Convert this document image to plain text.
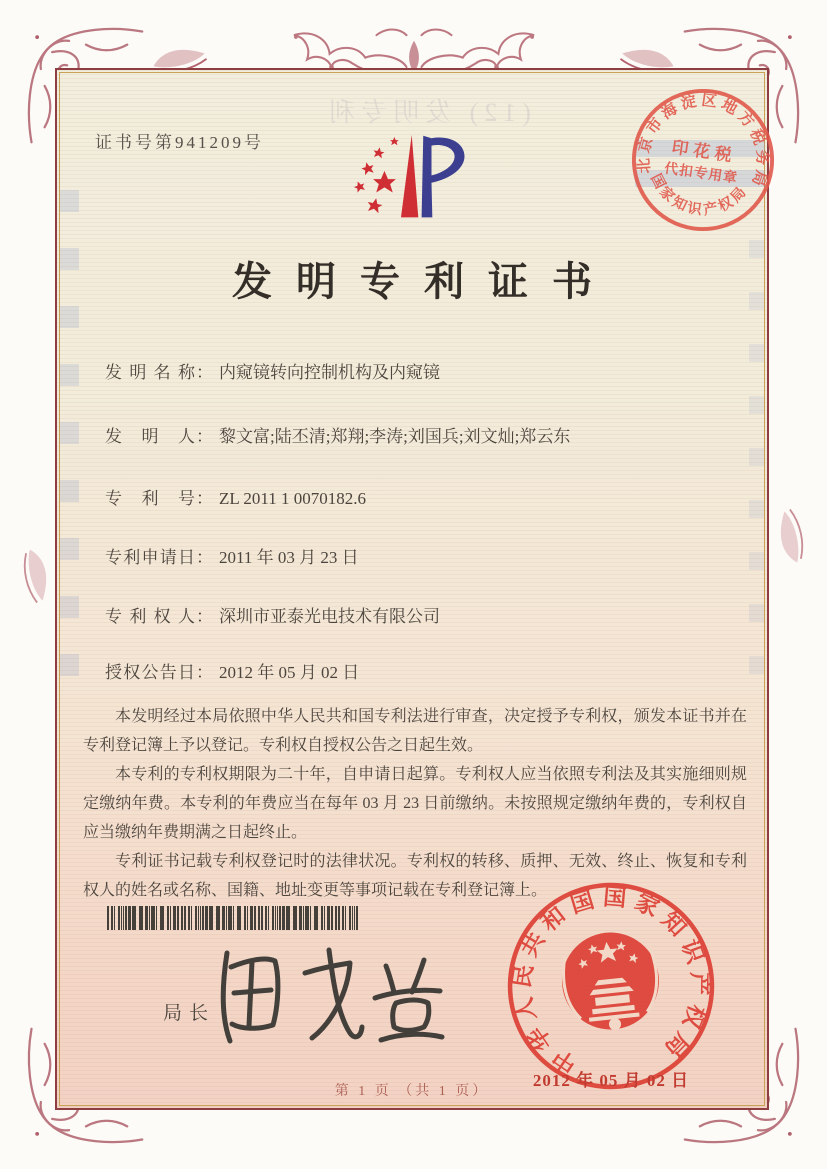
(12) 发明专利
证书号第941209号
北京市海淀区地方税务局
国家知识产权局
印花税
代扣专用章
发明专利证书
发明名称： 内窥镜转向控制机构及内窥镜
发明人： 黎文富;陆丕清;郑翔;李涛;刘国兵;刘文灿;郑云东
专利号： ZL 2011 1 0070182.6
专利申请日： 2011 年 03 月 23 日
专利权人： 深圳市亚泰光电技术有限公司
授权公告日： 2012 年 05 月 02 日

本发明经过本局依照中华人民共和国专利法进行审查，决定授予专利权，颁发本证书并在专利登记簿上予以登记。专利权自授权公告之日起生效。

本专利的专利权期限为二十年，自申请日起算。专利权人应当依照专利法及其实施细则规定缴纳年费。本专利的年费应当在每年 03 月 23 日前缴纳。未按照规定缴纳年费的，专利权自应当缴纳年费期满之日起终止。

专利证书记载专利权登记时的法律状况。专利权的转移、质押、无效、终止、恢复和专利权人的姓名或名称、国籍、地址变更等事项记载在专利登记簿上。

局长
中华人民共和国国家知识产权局
2012 年 05 月 02 日
第 1 页 （共 1 页）
